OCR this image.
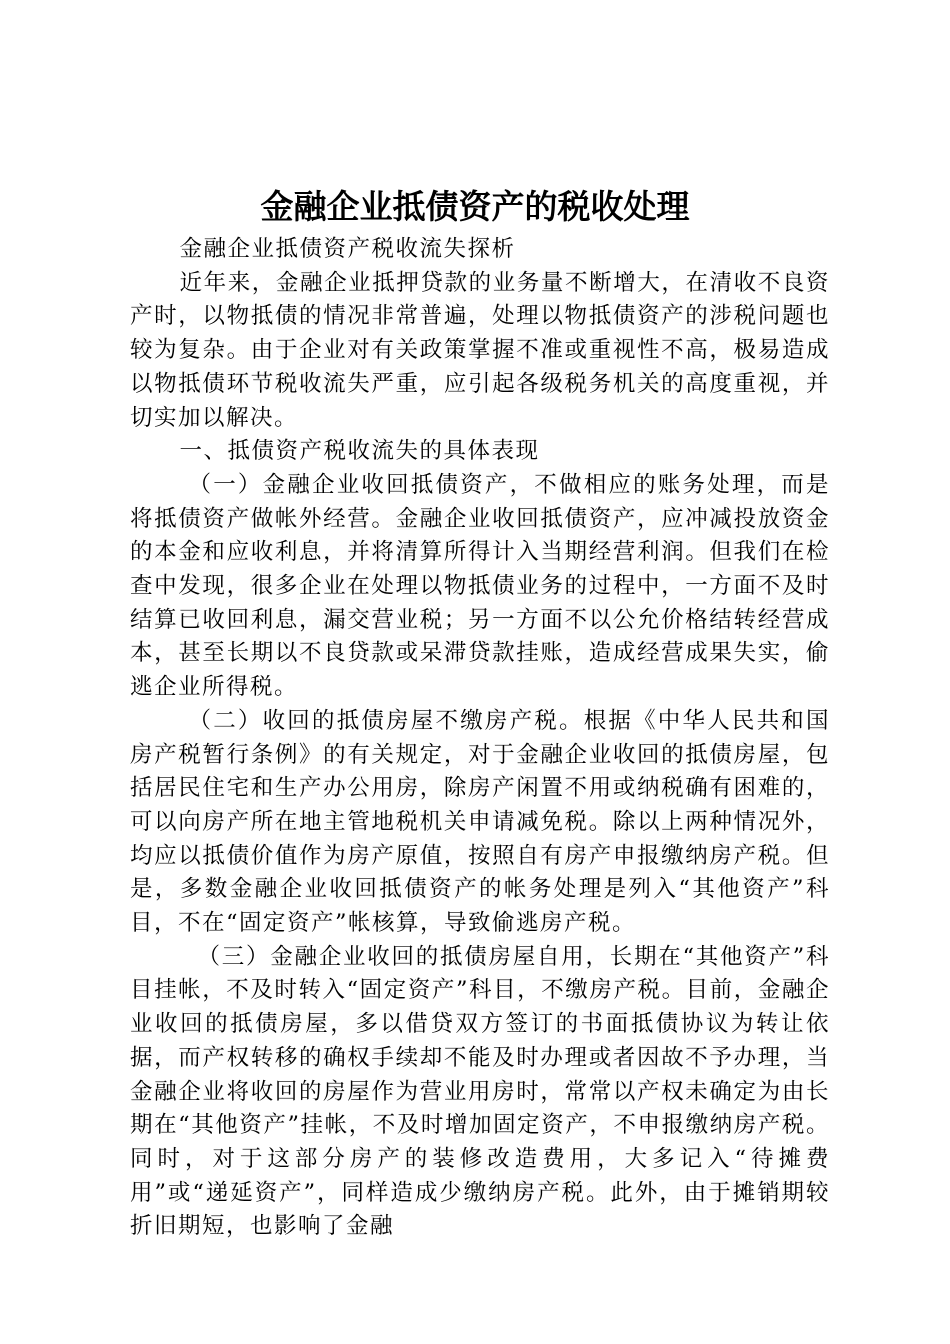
金融企业抵债资产的税收处理

金融企业抵债资产税收流失探析

近年来，金融企业抵押贷款的业务量不断增大，在清收不良资产时，以物抵债的情况非常普遍，处理以物抵债资产的涉税问题也较为复杂。由于企业对有关政策掌握不准或重视性不高，极易造成以物抵债环节税收流失严重，应引起各级税务机关的高度重视，并切实加以解决。

一、抵债资产税收流失的具体表现

（一）金融企业收回抵债资产，不做相应的账务处理，而是将抵债资产做帐外经营。金融企业收回抵债资产，应冲减投放资金的本金和应收利息，并将清算所得计入当期经营利润。但我们在检查中发现，很多企业在处理以物抵债业务的过程中，一方面不及时结算已收回利息，漏交营业税；另一方面不以公允价格结转经营成本，甚至长期以不良贷款或呆滞贷款挂账，造成经营成果失实，偷逃企业所得税。

（二）收回的抵债房屋不缴房产税。根据《中华人民共和国房产税暂行条例》的有关规定，对于金融企业收回的抵债房屋，包括居民住宅和生产办公用房，除房产闲置不用或纳税确有困难的，可以向房产所在地主管地税机关申请减免税。除以上两种情况外，均应以抵债价值作为房产原值，按照自有房产申报缴纳房产税。但是，多数金融企业收回抵债资产的帐务处理是列入“其他资产”科目，不在“固定资产”帐核算，导致偷逃房产税。

（三）金融企业收回的抵债房屋自用，长期在“其他资产”科目挂帐，不及时转入“固定资产”科目，不缴房产税。目前，金融企业收回的抵债房屋，多以借贷双方签订的书面抵债协议为转让依据，而产权转移的确权手续却不能及时办理或者因故不予办理，当金融企业将收回的房屋作为营业用房时，常常以产权未确定为由长期在“其他资产”挂帐，不及时增加固定资产，不申报缴纳房产税。同时，对于这部分房产的装修改造费用，大多记入“待摊费用”或“递延资产”，同样造成少缴纳房产税。此外，由于摊销期较折旧期短，也影响了金融
